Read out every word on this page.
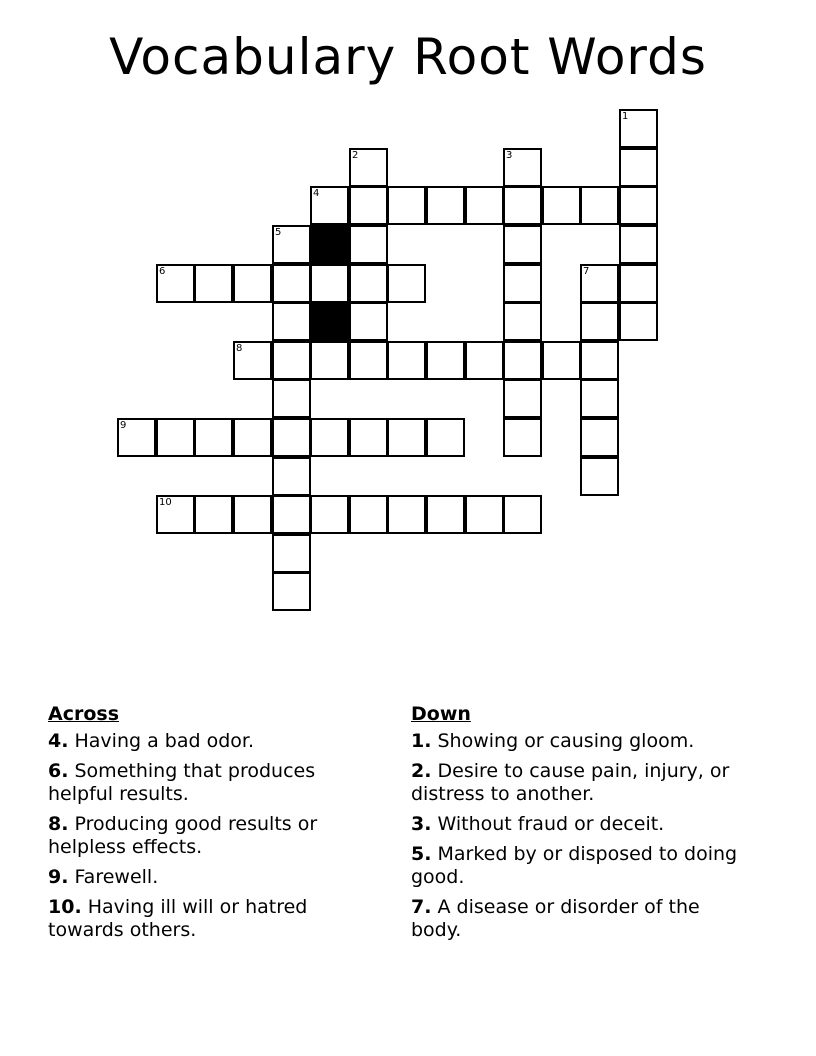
Vocabulary Root Words
1
2	3
4
5
6	7
8
9
10
Across
4. Having a bad odor.
6. Something that produces helpful results.
8. Producing good results or helpless effects.
9. Farewell.
10. Having ill will or hatred towards others.
Down
1. Showing or causing gloom.
2. Desire to cause pain, injury, or distress to another.
3. Without fraud or deceit.
5. Marked by or disposed to doing good.
7. A disease or disorder of the body.
